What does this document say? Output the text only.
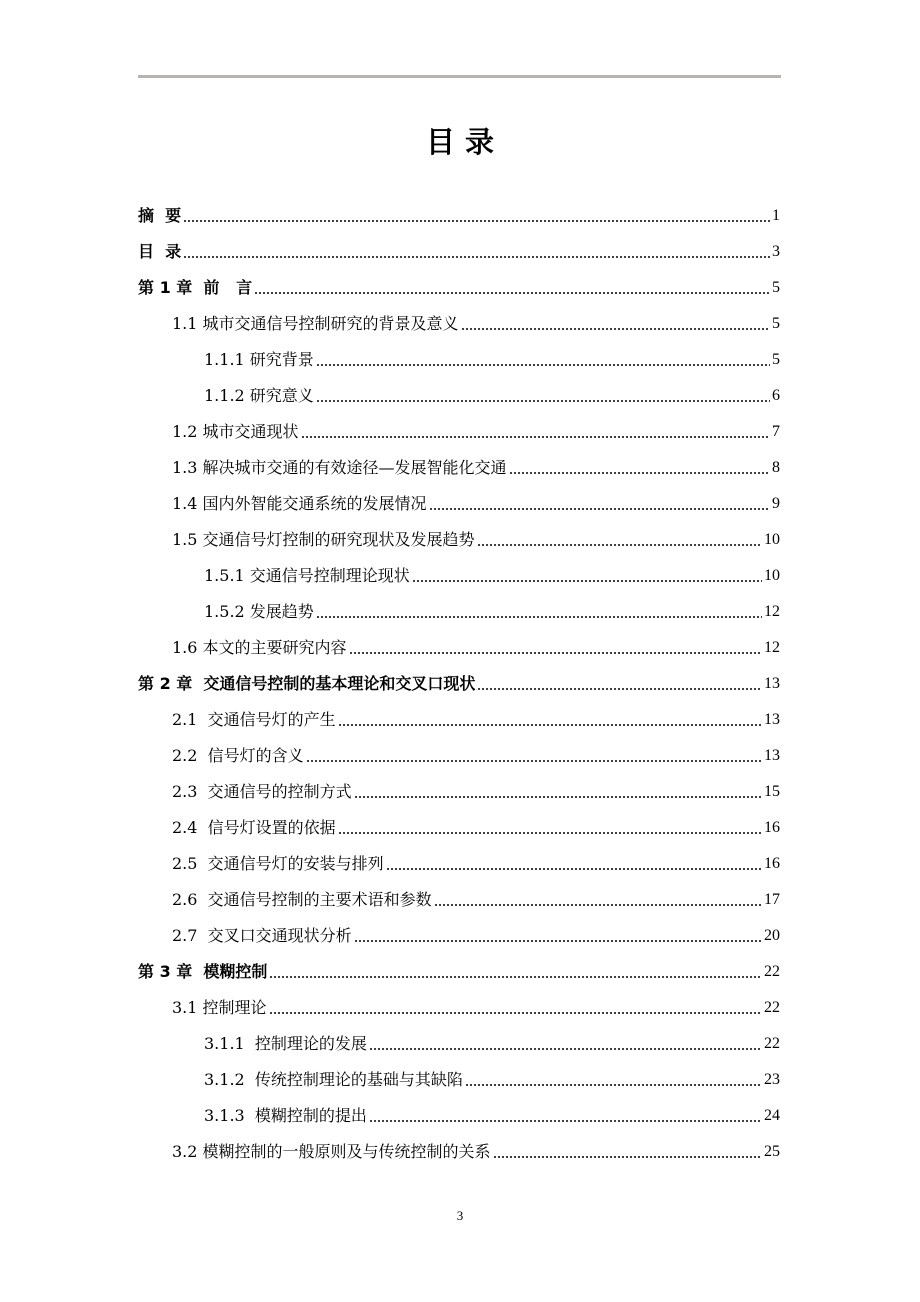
目 录
摘  要	1
目  录	3
第 1 章  前   言	5
1.1 城市交通信号控制研究的背景及意义	5
1.1.1 研究背景	5
1.1.2 研究意义	6
1.2 城市交通现状	7
1.3 解决城市交通的有效途径—发展智能化交通	8
1.4 国内外智能交通系统的发展情况	9
1.5 交通信号灯控制的研究现状及发展趋势	10
1.5.1 交通信号控制理论现状	10
1.5.2 发展趋势	12
1.6 本文的主要研究内容	12
第 2 章  交通信号控制的基本理论和交叉口现状	13
2.1  交通信号灯的产生	13
2.2  信号灯的含义	13
2.3  交通信号的控制方式	15
2.4  信号灯设置的依据	16
2.5  交通信号灯的安装与排列	16
2.6  交通信号控制的主要术语和参数	17
2.7  交叉口交通现状分析	20
第 3 章  模糊控制	22
3.1 控制理论	22
3.1.1  控制理论的发展	22
3.1.2  传统控制理论的基础与其缺陷	23
3.1.3  模糊控制的提出	24
3.2 模糊控制的一般原则及与传统控制的关系	25
3
